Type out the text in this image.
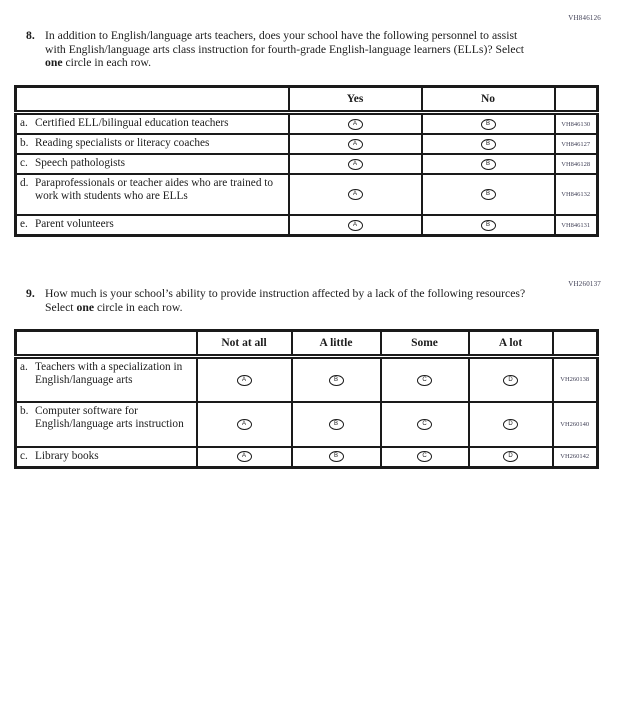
VH846126
8. In addition to English/language arts teachers, does your school have the following personnel to assist with English/language arts class instruction for fourth-grade English-language learners (ELLs)? Select one circle in each row.
	Yes	No	

a. Certified ELL/bilingual education teachers	A	B	VH846130

b. Reading specialists or literacy coaches	A	B	VH846127

c. Speech pathologists	A	B	VH846128

d. Paraprofessionals or teacher aides who are trained to work with students who are ELLs	A	B	VH846132

e. Parent volunteers	A	B	VH846131
VH260137
9. How much is your school’s ability to provide instruction affected by a lack of the following resources? Select one circle in each row.
	Not at all	A little	Some	A lot	

a. Teachers with a specialization in English/language arts	A	B	C	D	VH260138

b. Computer software for English/language arts instruction	A	B	C	D	VH260140

c. Library books	A	B	C	D	VH260142
